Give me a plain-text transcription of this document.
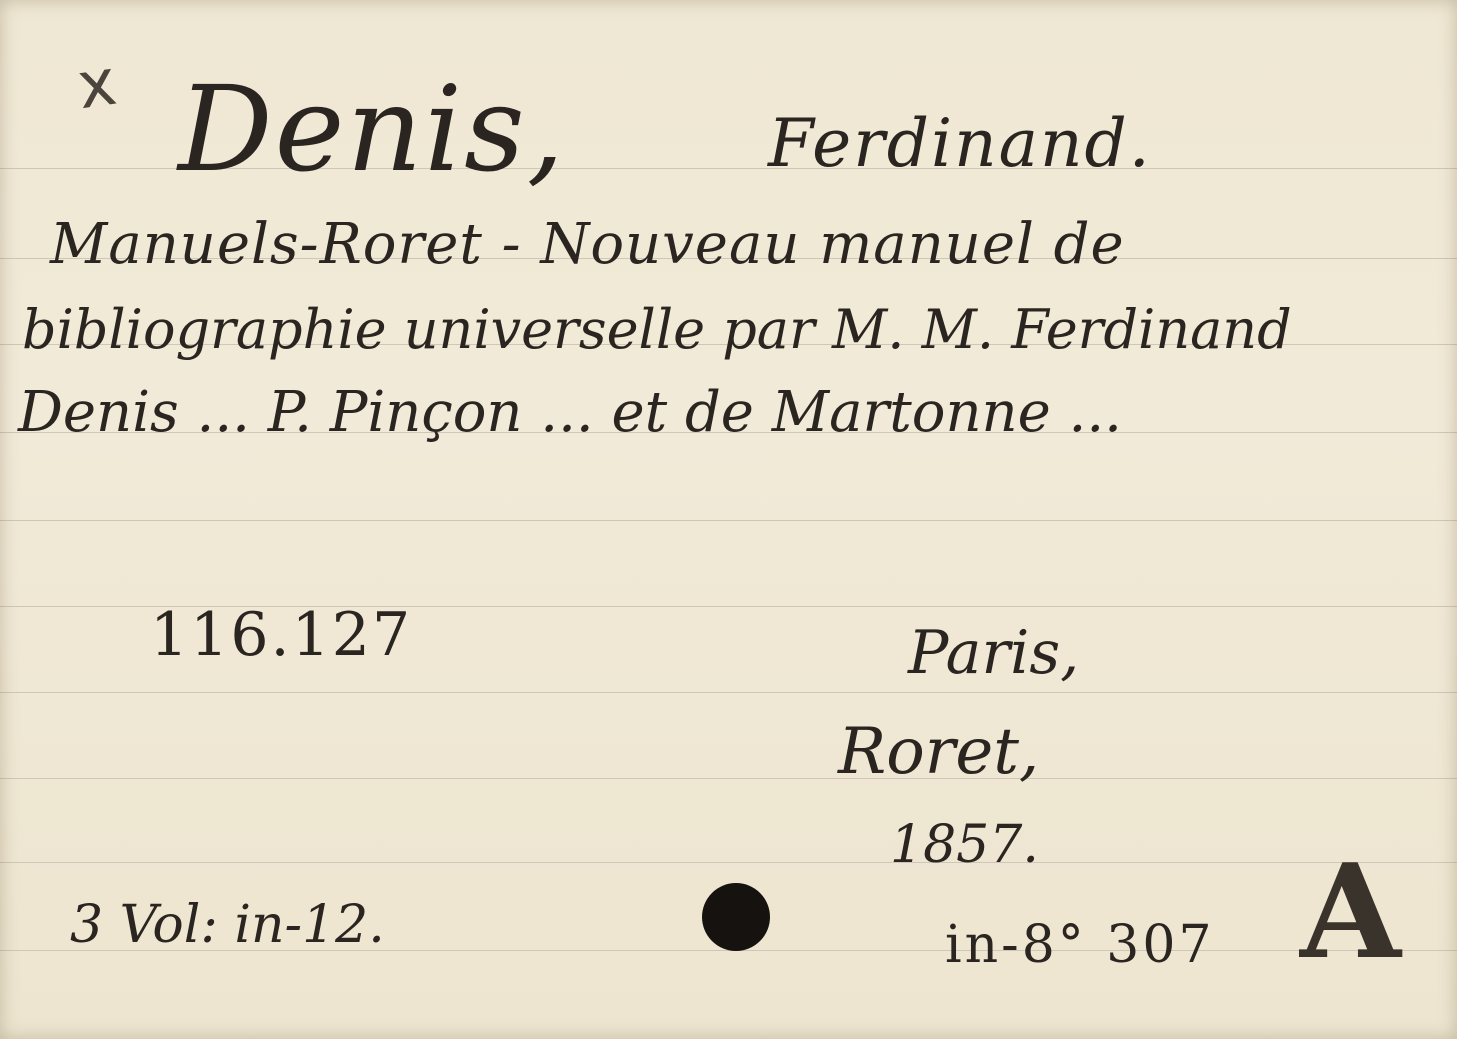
x Denis,	Ferdinand.
Manuels-Roret - Nouveau manuel de
bibliographie universelle par M. M. Ferdinand
Denis ... P. Pinçon ... et de Martonne ...
116.127	Paris,
Roret,
1857.
3 Vol: in-12.	in-8° 307 A
